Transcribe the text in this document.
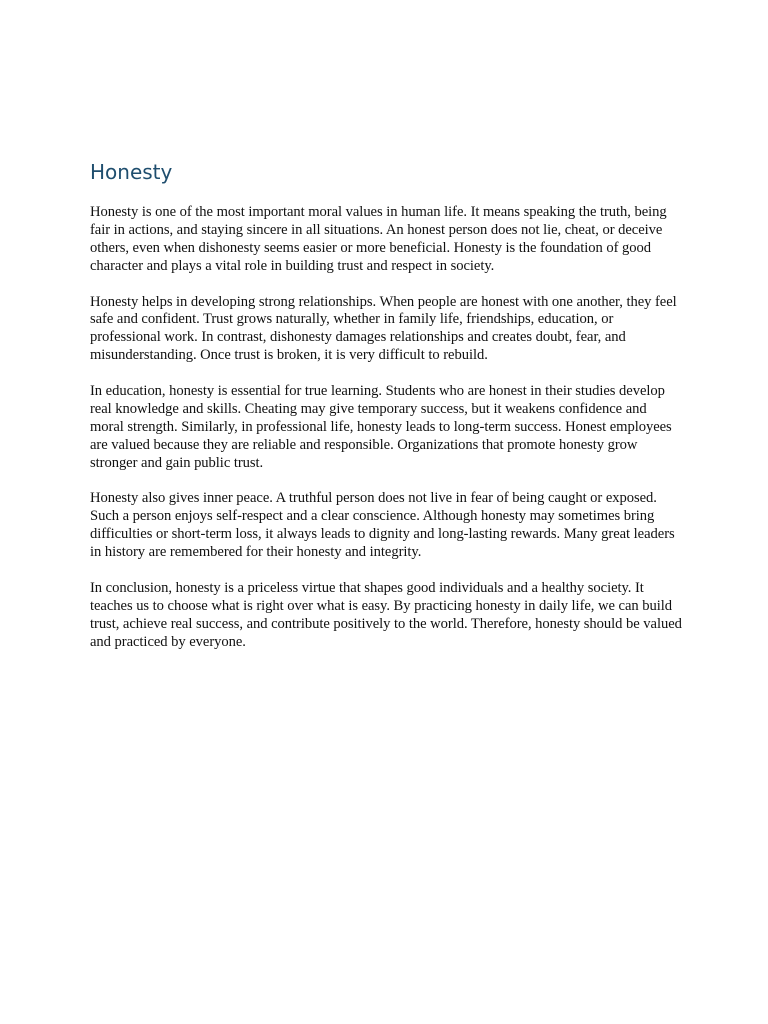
Honesty

Honesty is one of the most important moral values in human life. It means speaking the truth, being fair in actions, and staying sincere in all situations. An honest person does not lie, cheat, or deceive others, even when dishonesty seems easier or more beneficial. Honesty is the foundation of good character and plays a vital role in building trust and respect in society.

Honesty helps in developing strong relationships. When people are honest with one another, they feel safe and confident. Trust grows naturally, whether in family life, friendships, education, or professional work. In contrast, dishonesty damages relationships and creates doubt, fear, and misunderstanding. Once trust is broken, it is very difficult to rebuild.

In education, honesty is essential for true learning. Students who are honest in their studies develop real knowledge and skills. Cheating may give temporary success, but it weakens confidence and moral strength. Similarly, in professional life, honesty leads to long-term success. Honest employees are valued because they are reliable and responsible. Organizations that promote honesty grow stronger and gain public trust.

Honesty also gives inner peace. A truthful person does not live in fear of being caught or exposed. Such a person enjoys self-respect and a clear conscience. Although honesty may sometimes bring difficulties or short-term loss, it always leads to dignity and long-lasting rewards. Many great leaders in history are remembered for their honesty and integrity.

In conclusion, honesty is a priceless virtue that shapes good individuals and a healthy society. It teaches us to choose what is right over what is easy. By practicing honesty in daily life, we can build trust, achieve real success, and contribute positively to the world. Therefore, honesty should be valued and practiced by everyone.
